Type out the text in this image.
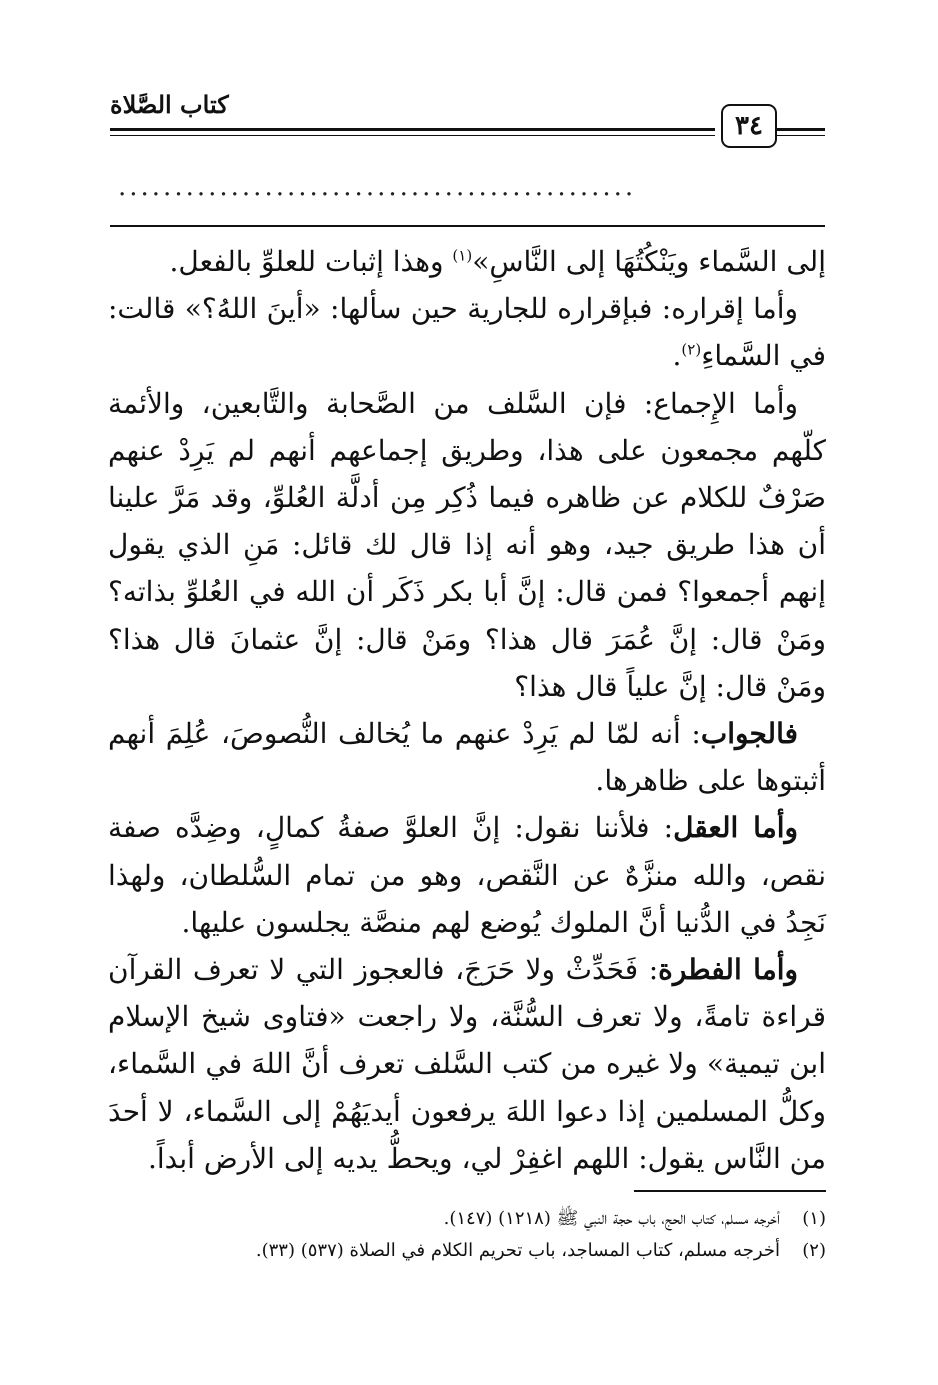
٣٤
كتاب الصَّلاة
..............................................

إلى السَّماء ويَنْكُتُهَا إلى النَّاسِ»$^{(١)}$ وهذا إثبات للعلوِّ بالفعل.

وأما إقراره: فبإقراره للجارية حين سألها: «أينَ اللهُ؟» قالت: في السَّماءِ$^{(٢)}$.

وأما الإِجماع: فإن السَّلف من الصَّحابة والتَّابعين، والأئمة كلّهم مجمعون على هذا، وطريق إجماعهم أنهم لم يَرِدْ عنهم صَرْفٌ للكلام عن ظاهره فيما ذُكِر مِن أدلَّة العُلوِّ، وقد مَرَّ علينا أن هذا طريق جيد، وهو أنه إذا قال لك قائل: مَنِ الذي يقول إنهم أجمعوا؟ فمن قال: إنَّ أبا بكر ذَكَر أن الله في العُلوِّ بذاته؟ ومَنْ قال: إنَّ عُمَرَ قال هذا؟ ومَنْ قال: إنَّ عثمانَ قال هذا؟ ومَنْ قال: إنَّ علياً قال هذا؟

فالجواب: أنه لمّا لم يَرِدْ عنهم ما يُخالف النُّصوصَ، عُلِمَ أنهم أثبتوها على ظاهرها.

وأما العقل: فلأننا نقول: إنَّ العلوَّ صفةُ كمالٍ، وضِدَّه صفة نقص، والله منزَّهٌ عن النَّقص، وهو من تمام السُّلطان، ولهذا نَجِدُ في الدُّنيا أنَّ الملوك يُوضع لهم منصَّة يجلسون عليها.

وأما الفطرة: فَحَدِّثْ ولا حَرَجَ، فالعجوز التي لا تعرف القرآن قراءة تامةً، ولا تعرف السُّنَّة، ولا راجعت «فتاوى شيخ الإسلام ابن تيمية» ولا غيره من كتب السَّلف تعرف أنَّ اللهَ في السَّماء، وكلُّ المسلمين إذا دعوا اللهَ يرفعون أيديَهُمْ إلى السَّماء، لا أحدَ من النَّاس يقول: اللهم اغفِرْ لي، ويحطُّ يديه إلى الأرض أبداً.

(١)
أخرجه مسلم، كتاب الحج، باب حجة النبي ﷺ (١٢١٨) (١٤٧).
(٢)
أخرجه مسلم، كتاب المساجد، باب تحريم الكلام في الصلاة (٥٣٧) (٣٣).
